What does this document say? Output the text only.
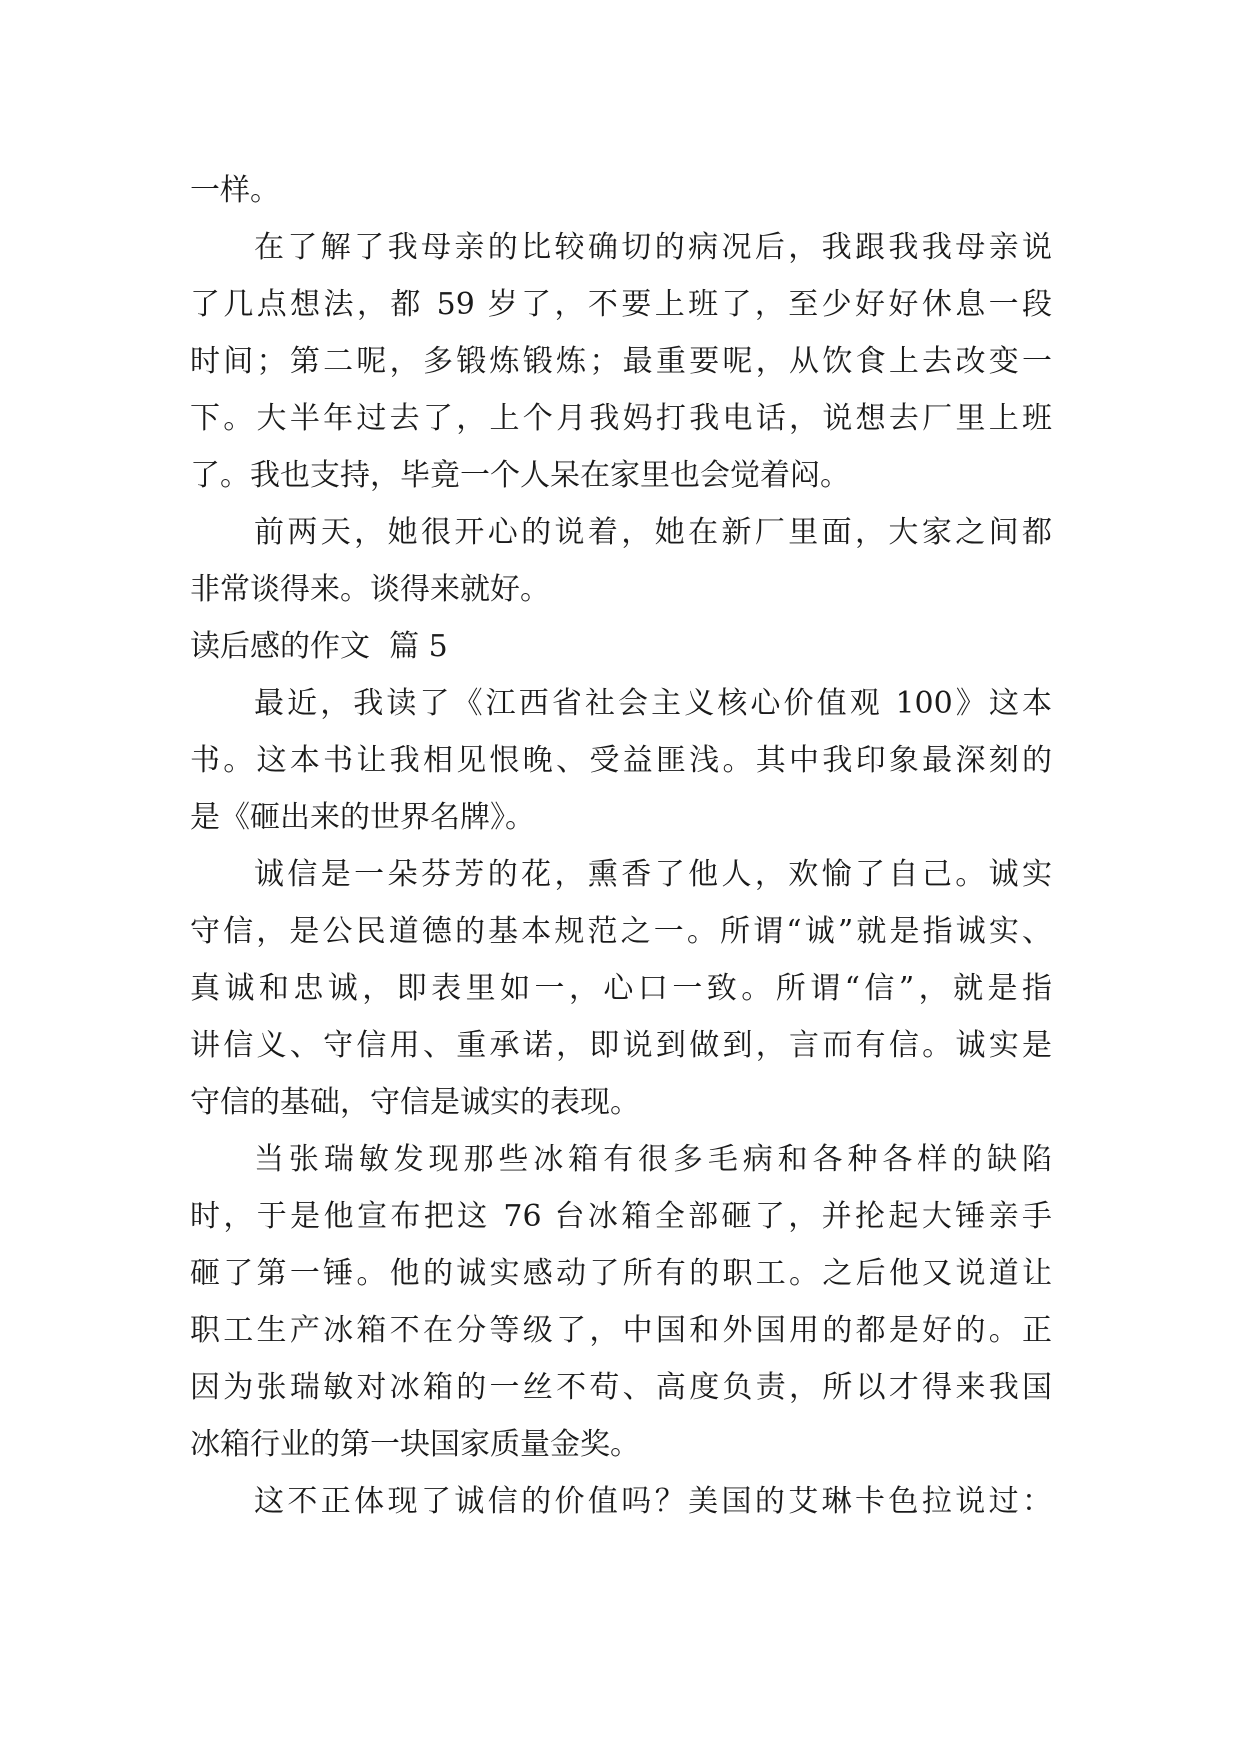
一样。
在了解了我母亲的比较确切的病况后，我跟我我母亲说
了几点想法，都 59 岁了，不要上班了，至少好好休息一段
时间；第二呢，多锻炼锻炼；最重要呢，从饮食上去改变一
下。大半年过去了，上个月我妈打我电话，说想去厂里上班
了。我也支持，毕竟一个人呆在家里也会觉着闷。
前两天，她很开心的说着，她在新厂里面，大家之间都
非常谈得来。谈得来就好。
读后感的作文  篇 5
最近，我读了《江西省社会主义核心价值观 100》这本
书。这本书让我相见恨晚、受益匪浅。其中我印象最深刻的
是《砸出来的世界名牌》。
诚信是一朵芬芳的花，熏香了他人，欢愉了自己。诚实
守信，是公民道德的基本规范之一。所谓“诚”就是指诚实、
真诚和忠诚，即表里如一，心口一致。所谓“信”，就是指
讲信义、守信用、重承诺，即说到做到，言而有信。诚实是
守信的基础，守信是诚实的表现。
当张瑞敏发现那些冰箱有很多毛病和各种各样的缺陷
时，于是他宣布把这 76 台冰箱全部砸了，并抡起大锤亲手
砸了第一锤。他的诚实感动了所有的职工。之后他又说道让
职工生产冰箱不在分等级了，中国和外国用的都是好的。正
因为张瑞敏对冰箱的一丝不苟、高度负责，所以才得来我国
冰箱行业的第一块国家质量金奖。
这不正体现了诚信的价值吗？美国的艾琳卡色拉说过：
